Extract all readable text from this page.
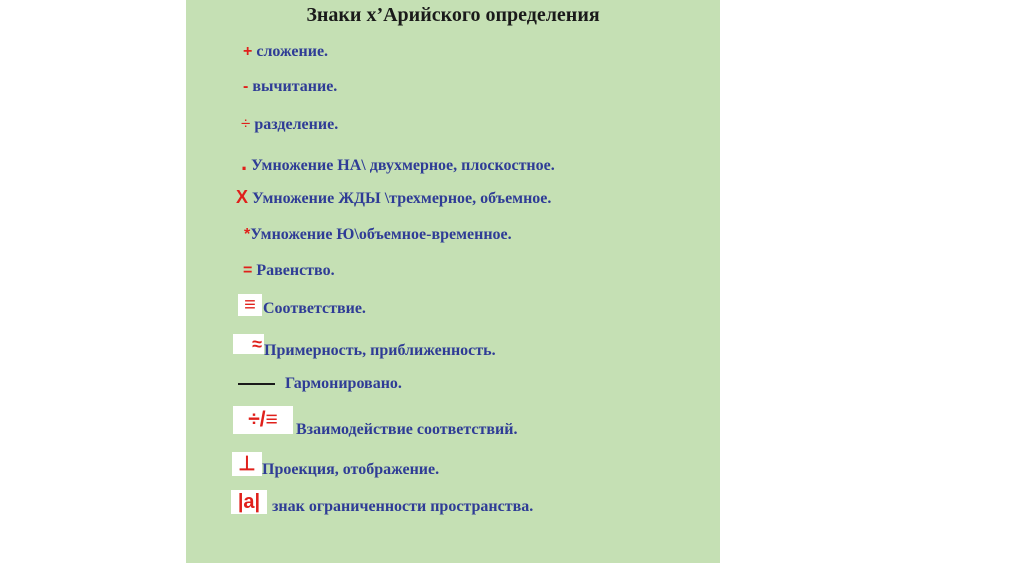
Знаки х’Арийского определения
+ сложение.
- вычитание.
÷ разделение.
. Умножение НА\ двухмерное, плоскостное.
Х Умножение ЖДЫ \трехмерное, объемное.
*Умножение Ю\объемное-временное.
= Равенство.
≡ Соответствие.
≈ Примерность, приближенность.
Гармонировано.
÷/≡	Взаимодействие соответствий.
⊥ Проекция, отображение.
|a| знак ограниченности пространства.
